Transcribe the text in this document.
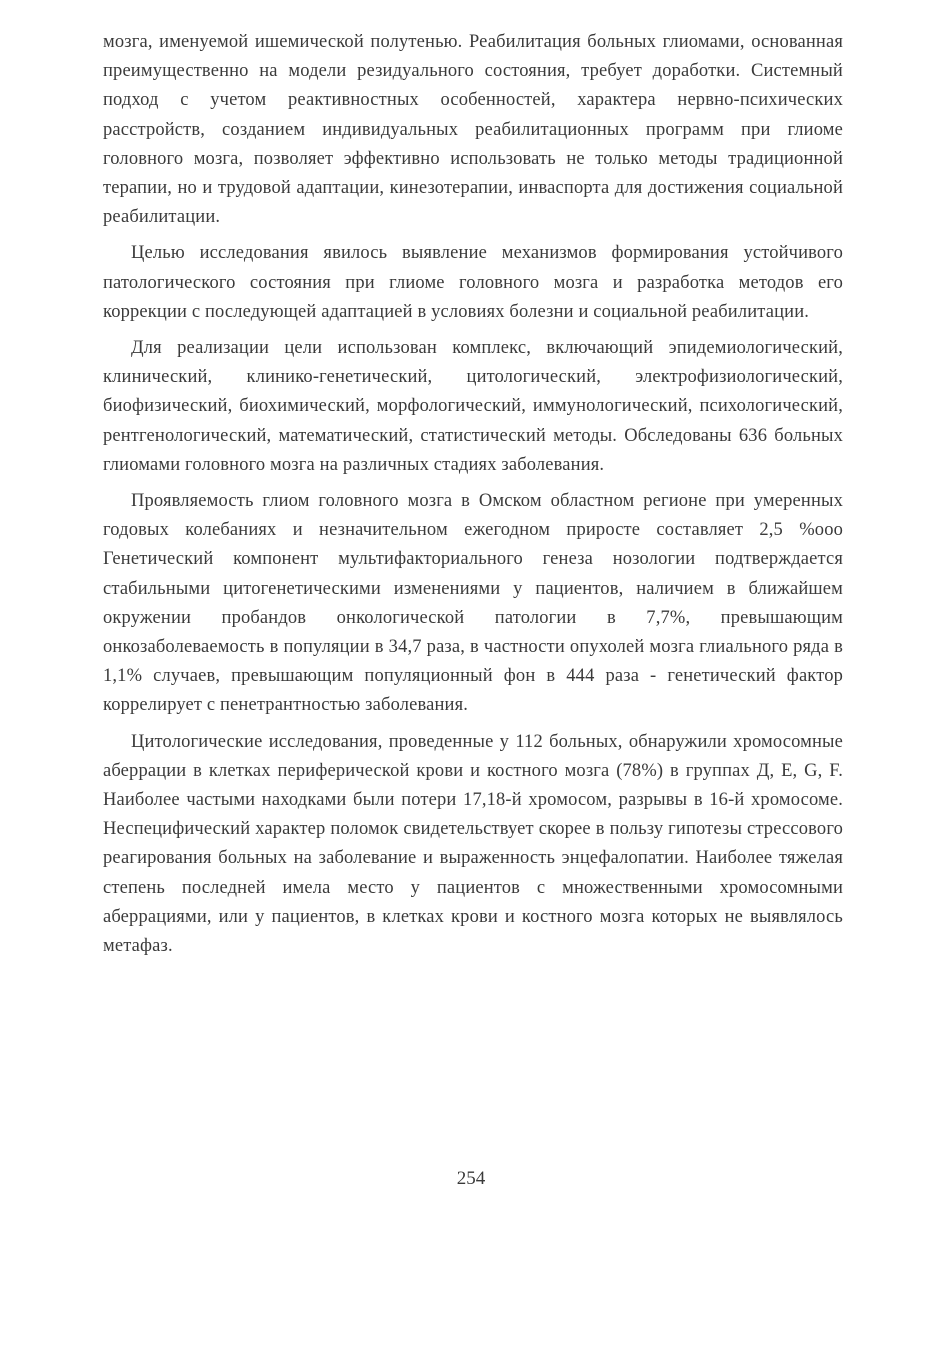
мозга, именуемой ишемической полутенью. Реабилитация больных глиомами, основанная преимущественно на модели резидуального состояния, требует доработки. Системный подход с учетом реактивностных особенностей, характера нервно-психических расстройств, созданием индивидуальных реабилитационных программ при глиоме головного мозга, позволяет эффективно использовать не только методы традиционной терапии, но и трудовой адаптации, кинезотерапии, инваспорта для достижения социальной реабилитации.

Целью исследования явилось выявление механизмов формирования устойчивого патологического состояния при глиоме головного мозга и разработка методов его коррекции с последующей адаптацией в условиях болезни и социальной реабилитации.

Для реализации цели использован комплекс, включающий эпидемиологический, клинический, клинико-генетический, цитологический, электрофизиологический, биофизический, биохимический, морфологический, иммунологический, психологический, рентгенологический, математический, статистический методы. Обследованы 636 больных глиомами головного мозга на различных стадиях заболевания.

Проявляемость глиом головного мозга в Омском областном регионе при умеренных годовых колебаниях и незначительном ежегодном приросте составляет 2,5 %ооо Генетический компонент мультифакториального генеза нозологии подтверждается стабильными цитогенетическими изменениями у пациентов, наличием в ближайшем окружении пробандов онкологической патологии в 7,7%, превышающим онкозаболеваемость в популяции в 34,7 раза, в частности опухолей мозга глиального ряда в 1,1% случаев, превышающим популяционный фон в 444 раза - генетический фактор коррелирует с пенетрантностью заболевания.

Цитологические исследования, проведенные у 112 больных, обнаружили хромосомные аберрации в клетках периферической крови и костного мозга (78%) в группах Д, Е, G, F. Наиболее частыми находками были потери 17,18-й хромосом, разрывы в 16-й хромосоме. Неспецифический характер поломок свидетельствует скорее в пользу гипотезы стрессового реагирования больных на заболевание и выраженность энцефалопатии. Наиболее тяжелая степень последней имела место у пациентов с множественными хромосомными аберрациями, или у пациентов, в клетках крови и костного мозга которых не выявлялось метафаз.

254
